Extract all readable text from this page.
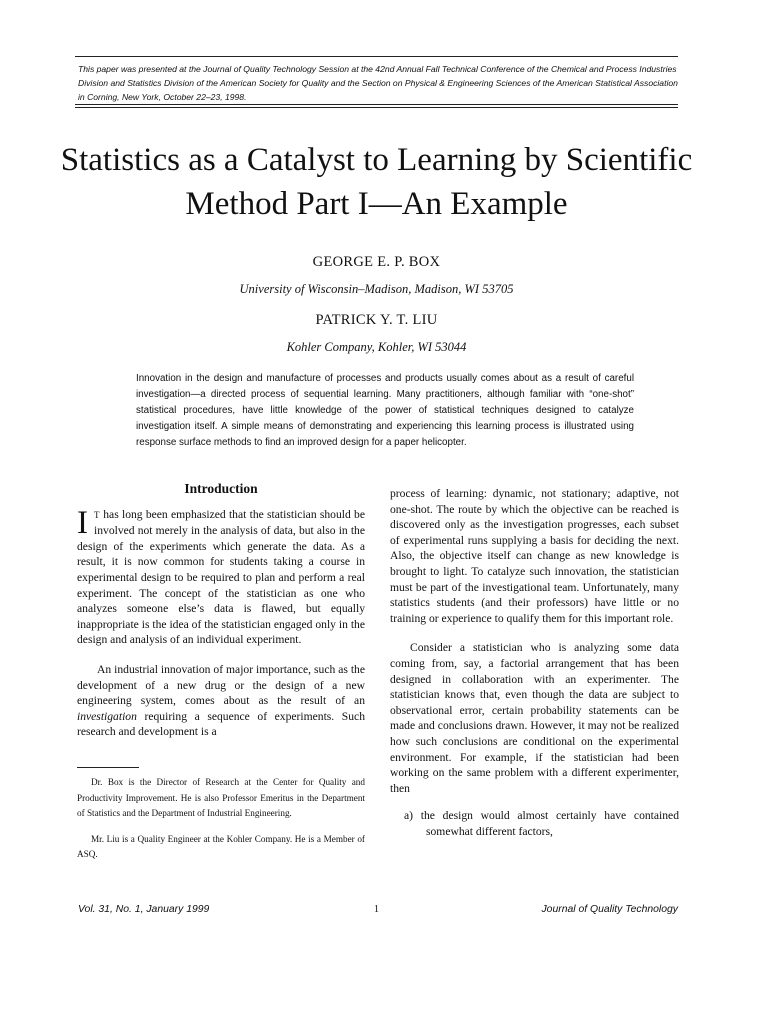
This paper was presented at the Journal of Quality Technology Session at the 42nd Annual Fall Technical Conference of the Chemical and Process Industries Division and Statistics Division of the American Society for Quality and the Section on Physical & Engineering Sciences of the American Statistical Association in Corning, New York, October 22–23, 1998.
Statistics as a Catalyst to Learning by Scientific Method Part I—An Example
GEORGE E. P. BOX
University of Wisconsin–Madison, Madison, WI 53705
PATRICK Y. T. LIU
Kohler Company, Kohler, WI 53044
Innovation in the design and manufacture of processes and products usually comes about as a result of careful investigation—a directed process of sequential learning. Many practitioners, although familiar with “one-shot” statistical procedures, have little knowledge of the power of statistical techniques designed to catalyze investigation itself. A simple means of demonstrating and experiencing this learning process is illustrated using response surface methods to find an improved design for a paper helicopter.
Introduction

I T has long been emphasized that the statistician should be involved not merely in the analysis of data, but also in the design of the experiments which generate the data. As a result, it is now common for students taking a course in experimental design to be required to plan and perform a real experiment. The concept of the statistician as one who analyzes someone else’s data is flawed, but equally inappropriate is the idea of the statistician engaged only in the design and analysis of an individual experiment.

An industrial innovation of major importance, such as the development of a new drug or the design of a new engineering system, comes about as the result of an investigation requiring a sequence of experiments. Such research and development is a

Dr. Box is the Director of Research at the Center for Quality and Productivity Improvement. He is also Professor Emeritus in the Department of Statistics and the Department of Industrial Engineering.

Mr. Liu is a Quality Engineer at the Kohler Company. He is a Member of ASQ.

process of learning: dynamic, not stationary; adaptive, not one-shot. The route by which the objective can be reached is discovered only as the investigation progresses, each subset of experimental runs supplying a basis for deciding the next. Also, the objective itself can change as new knowledge is brought to light. To catalyze such innovation, the statistician must be part of the investigational team. Unfortunately, many statistics students (and their professors) have little or no training or experience to qualify them for this important role.

Consider a statistician who is analyzing some data coming from, say, a factorial arrangement that has been designed in collaboration with an experimenter. The statistician knows that, even though the data are subject to observational error, certain probability statements can be made and conclusions drawn. However, it may not be realized how such conclusions are conditional on the experimental environment. For example, if the statistician had been working on the same problem with a different experimenter, then

a) the design would almost certainly have contained somewhat different factors,
Vol. 31, No. 1, January 1999	1	Journal of Quality Technology
